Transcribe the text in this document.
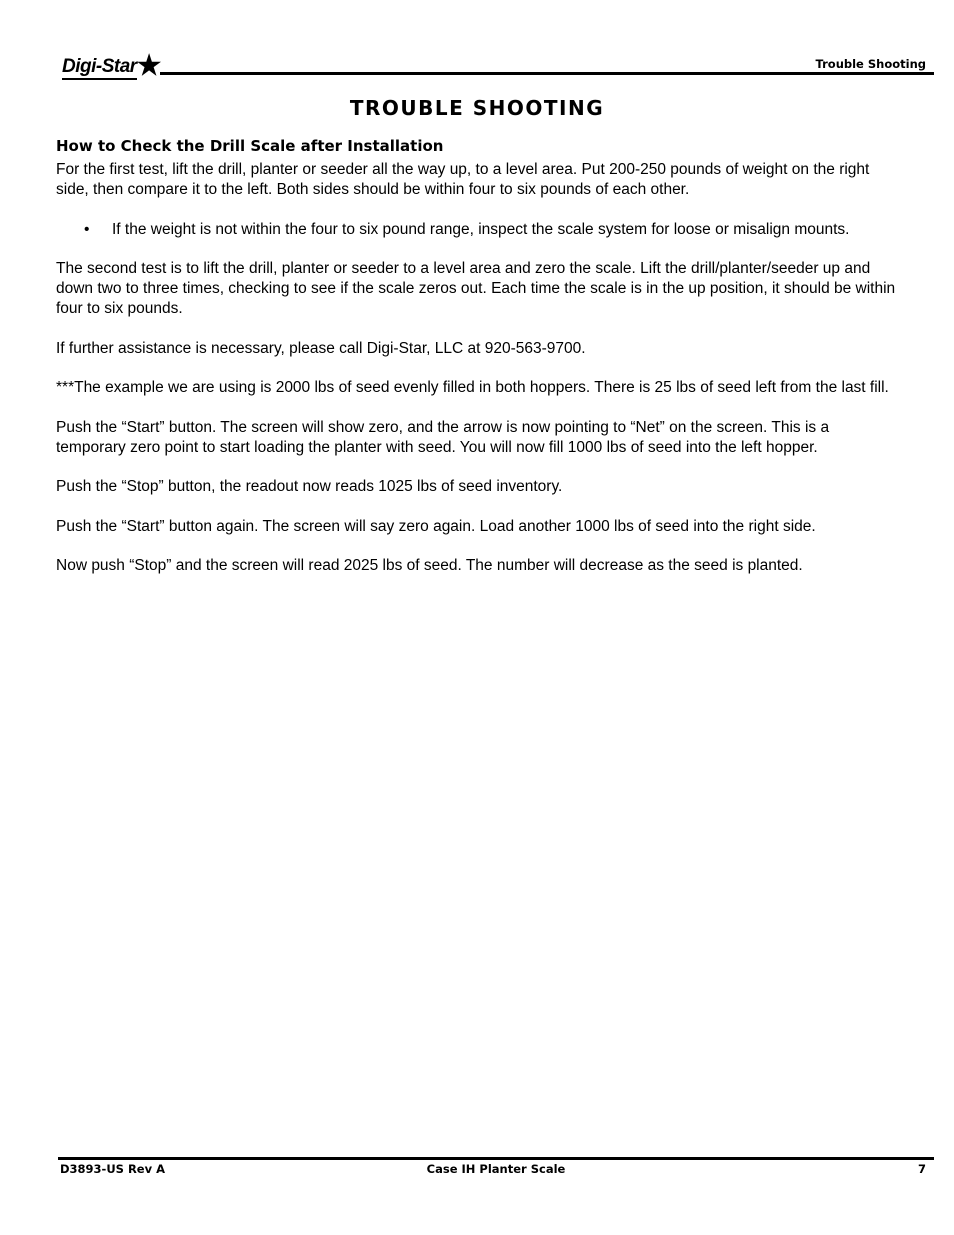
Digi-Star	Trouble Shooting
TROUBLE SHOOTING
How to Check the Drill Scale after Installation

For the first test, lift the drill, planter or seeder all the way up, to a level area. Put 200-250 pounds of weight on the right side, then compare it to the left. Both sides should be within four to six pounds of each other.

•	If the weight is not within the four to six pound range, inspect the scale system for loose or misalign mounts.

The second test is to lift the drill, planter or seeder to a level area and zero the scale. Lift the drill/planter/seeder up and down two to three times, checking to see if the scale zeros out. Each time the scale is in the up position, it should be within four to six pounds.

If further assistance is necessary, please call Digi-Star, LLC at 920-563-9700.

***The example we are using is 2000 lbs of seed evenly filled in both hoppers. There is 25 lbs of seed left from the last fill.

Push the “Start” button. The screen will show zero, and the arrow is now pointing to “Net” on the screen. This is a temporary zero point to start loading the planter with seed. You will now fill 1000 lbs of seed into the left hopper.

Push the “Stop” button, the readout now reads 1025 lbs of seed inventory.

Push the “Start” button again. The screen will say zero again. Load another 1000 lbs of seed into the right side.

Now push “Stop” and the screen will read 2025 lbs of seed. The number will decrease as the seed is planted.

D3893-US Rev A	Case IH Planter Scale	7
